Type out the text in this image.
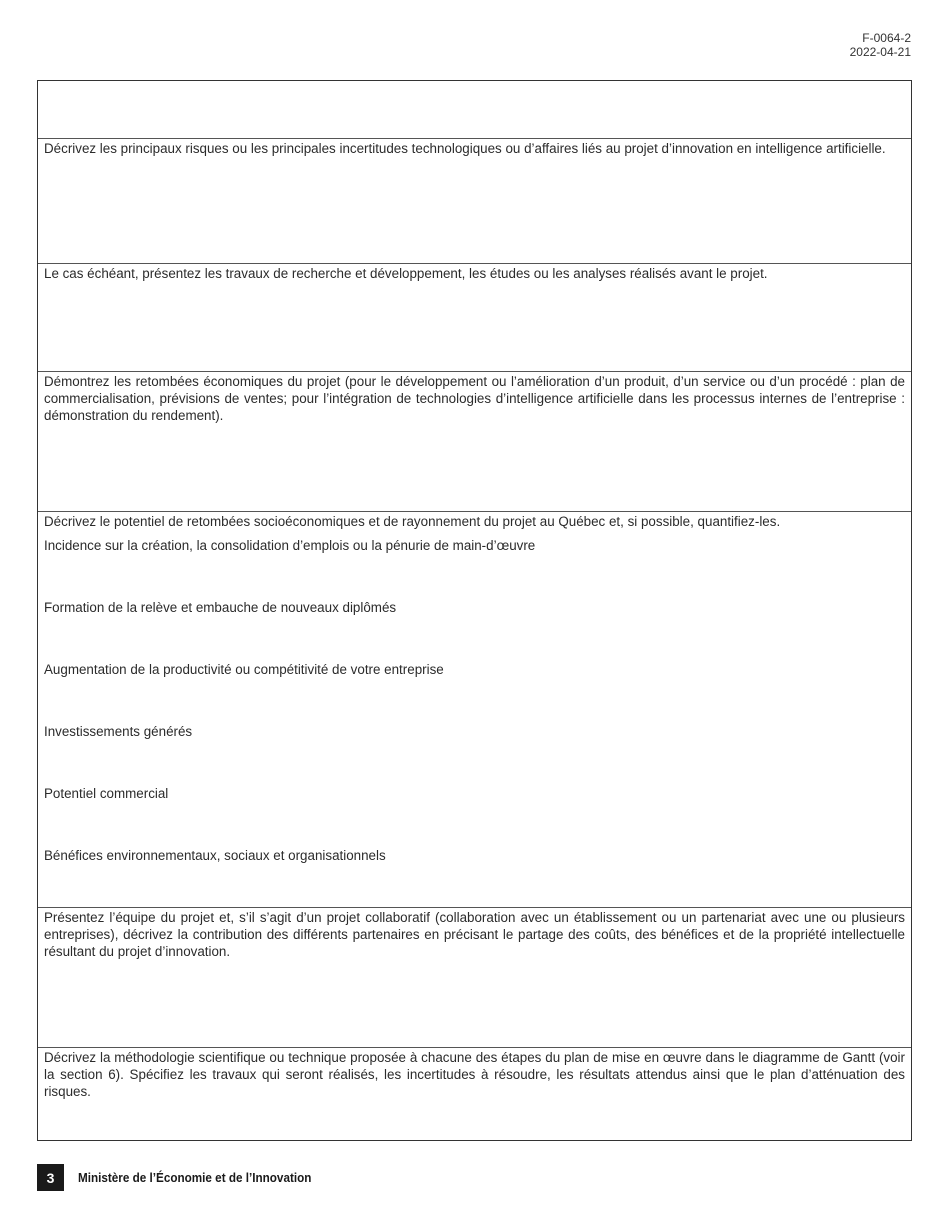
F-0064-2
2022-04-21

Décrivez les principaux risques ou les principales incertitudes technologiques ou d’affaires liés au projet d’innovation en intelligence artificielle.

Le cas échéant, présentez les travaux de recherche et développement, les études ou les analyses réalisés avant le projet.

Démontrez les retombées économiques du projet (pour le développement ou l’amélioration d’un produit, d’un service ou d’un procédé : plan de commercialisation, prévisions de ventes; pour l’intégration de technologies d’intelligence artificielle dans les processus internes de l’entreprise : démonstration du rendement).

Décrivez le potentiel de retombées socioéconomiques et de rayonnement du projet au Québec et, si possible, quantifiez-les.

Incidence sur la création, la consolidation d’emplois ou la pénurie de main-d’œuvre
Formation de la relève et embauche de nouveaux diplômés
Augmentation de la productivité ou compétitivité de votre entreprise
Investissements générés
Potentiel commercial
Bénéfices environnementaux, sociaux et organisationnels

Présentez l’équipe du projet et, s’il s’agit d’un projet collaboratif (collaboration avec un établissement ou un partenariat avec une ou plusieurs entreprises), décrivez la contribution des différents partenaires en précisant le partage des coûts, des bénéfices et de la propriété intellectuelle résultant du projet d’innovation.

Décrivez la méthodologie scientifique ou technique proposée à chacune des étapes du plan de mise en œuvre dans le diagramme de Gantt (voir la section 6). Spécifiez les travaux qui seront réalisés, les incertitudes à résoudre, les résultats attendus ainsi que le plan d’atténuation des risques.

3	Ministère de l’Économie et de l’Innovation
